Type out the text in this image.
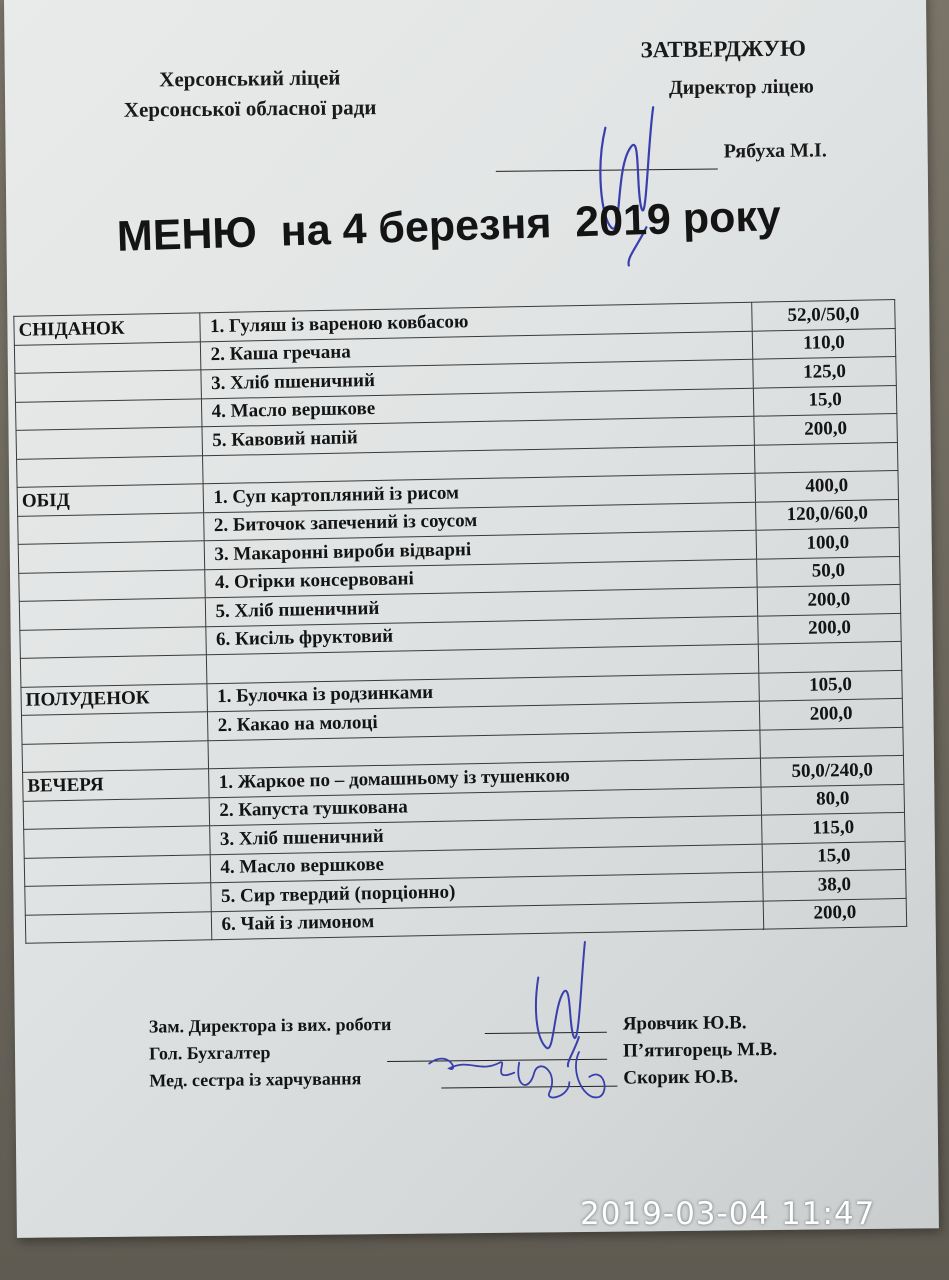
Херсонський ліцей
Херсонської обласної ради
ЗАТВЕРДЖУЮ
Директор ліцею
Рябуха М.І.
МЕНЮ  на 4 березня  2019 року
СНІДАНОК	1. Гуляш із вареною ковбасою	52,0/50,0
	2. Каша гречана	110,0
	3. Хліб пшеничний	125,0
	4. Масло вершкове	15,0
	5. Кавовий напій	200,0

ОБІД	1. Суп картопляний із рисом	400,0
	2. Биточок запечений із соусом	120,0/60,0
	3. Макаронні вироби відварні	100,0
	4. Огірки консервовані	50,0
	5. Хліб пшеничний	200,0
	6. Кисіль фруктовий	200,0

ПОЛУДЕНОК	1. Булочка із родзинками	105,0
	2. Какао на молоці	200,0

ВЕЧЕРЯ	1. Жаркое по – домашньому із тушенкою	50,0/240,0
	2. Капуста тушкована	80,0
	3. Хліб пшеничний	115,0
	4. Масло вершкове	15,0
	5. Сир твердий (порціонно)	38,0
	6. Чай із лимоном	200,0
Зам. Директора із вих. роботи	Яровчик Ю.В.
Гол. Бухгалтер	П’ятигорець М.В.
Мед. сестра із харчування	Скорик Ю.В.
2019-03-04 11:47
